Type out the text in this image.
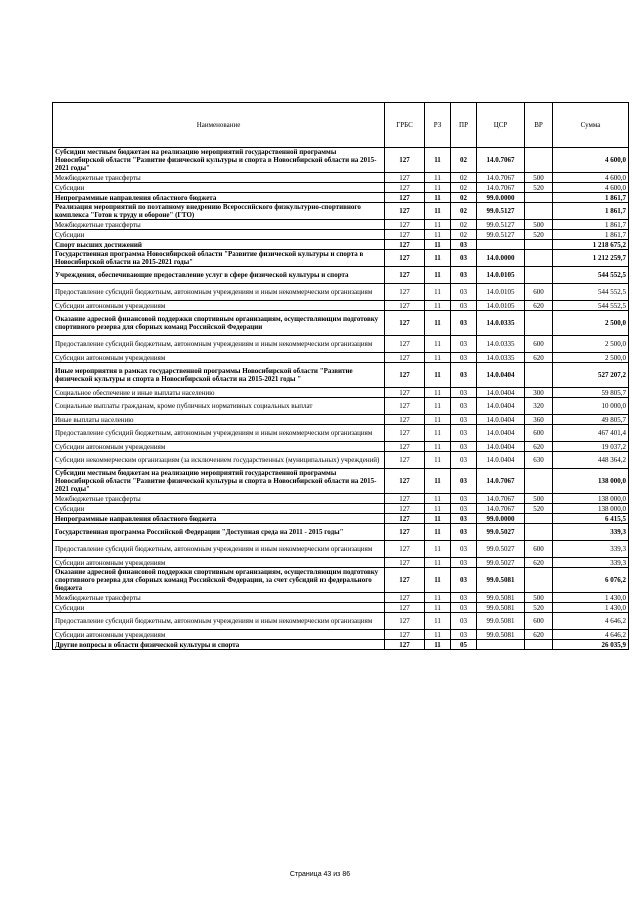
Наименование	ГРБС	РЗ	ПР	ЦСР	ВР	Сумма
Субсидии местным бюджетам на реализацию мероприятий государственной программы Новосибирской области "Развитие физической культуры и спорта в Новосибирской области на 2015-2021 годы"	127	11	02	14.0.7067		4 600,0
Межбюджетные трансферты	127	11	02	14.0.7067	500	4 600,0
Субсидии	127	11	02	14.0.7067	520	4 600,0
Непрограммные направления областного бюджета	127	11	02	99.0.0000		1 861,7
Реализация мероприятий по поэтапному внедрению Всероссийского физкультурно-спортивного комплекса "Готов к труду и обороне" (ГТО)	127	11	02	99.0.5127		1 861,7
Межбюджетные трансферты	127	11	02	99.0.5127	500	1 861,7
Субсидии	127	11	02	99.0.5127	520	1 861,7
Спорт высших достижений	127	11	03			1 218 675,2
Государственная программа Новосибирской области "Развитие физической культуры и спорта в Новосибирской области на 2015-2021 годы"	127	11	03	14.0.0000		1 212 259,7
Учреждения, обеспечивающие предоставление услуг в сфере физической культуры и спорта	127	11	03	14.0.0105		544 552,5
Предоставление субсидий бюджетным, автономным учреждениям и иным некоммерческим организациям	127	11	03	14.0.0105	600	544 552,5
Субсидии автономным учреждениям	127	11	03	14.0.0105	620	544 552,5
Оказание адресной финансовой поддержки спортивным организациям, осуществляющим подготовку спортивного резерва для сборных команд Российской Федерации	127	11	03	14.0.0335		2 500,0
Предоставление субсидий бюджетным, автономным учреждениям и иным некоммерческим организациям	127	11	03	14.0.0335	600	2 500,0
Субсидии автономным учреждениям	127	11	03	14.0.0335	620	2 500,0
Иные мероприятия в рамках государственной программы Новосибирской области "Развитие физической культуры и спорта в Новосибирской области на 2015-2021 годы "	127	11	03	14.0.0404		527 207,2
Социальное обеспечение и иные выплаты населению	127	11	03	14.0.0404	300	59 805,7
Социальные выплаты гражданам, кроме публичных нормативных социальных выплат	127	11	03	14.0.0404	320	10 000,0
Иные выплаты населению	127	11	03	14.0.0404	360	49 805,7
Предоставление субсидий бюджетным, автономным учреждениям и иным некоммерческим организациям	127	11	03	14.0.0404	600	467 401,4
Субсидии автономным учреждениям	127	11	03	14.0.0404	620	19 037,2
Субсидии некоммерческим организациям (за исключением государственных (муниципальных) учреждений)	127	11	03	14.0.0404	630	448 364,2
Субсидии местным бюджетам на реализацию мероприятий государственной программы Новосибирской области "Развитие физической культуры и спорта в Новосибирской области на 2015-2021 годы"	127	11	03	14.0.7067		138 000,0
Межбюджетные трансферты	127	11	03	14.0.7067	500	138 000,0
Субсидии	127	11	03	14.0.7067	520	138 000,0
Непрограммные направления областного бюджета	127	11	03	99.0.0000		6 415,5
Государственная программа Российской Федерации "Доступная среда на 2011 - 2015 годы"	127	11	03	99.0.5027		339,3
Предоставление субсидий бюджетным, автономным учреждениям и иным некоммерческим организациям	127	11	03	99.0.5027	600	339,3
Субсидии автономным учреждениям	127	11	03	99.0.5027	620	339,3
Оказание адресной финансовой поддержки спортивным организациям, осуществляющим подготовку спортивного резерва для сборных команд Российской Федерации, за счет субсидий из федерального бюджета	127	11	03	99.0.5081		6 076,2
Межбюджетные трансферты	127	11	03	99.0.5081	500	1 430,0
Субсидии	127	11	03	99.0.5081	520	1 430,0
Предоставление субсидий бюджетным, автономным учреждениям и иным некоммерческим организациям	127	11	03	99.0.5081	600	4 646,2
Субсидии автономным учреждениям	127	11	03	99.0.5081	620	4 646,2
Другие вопросы в области физической культуры и спорта	127	11	05			26 035,9
Страница 43 из 86
